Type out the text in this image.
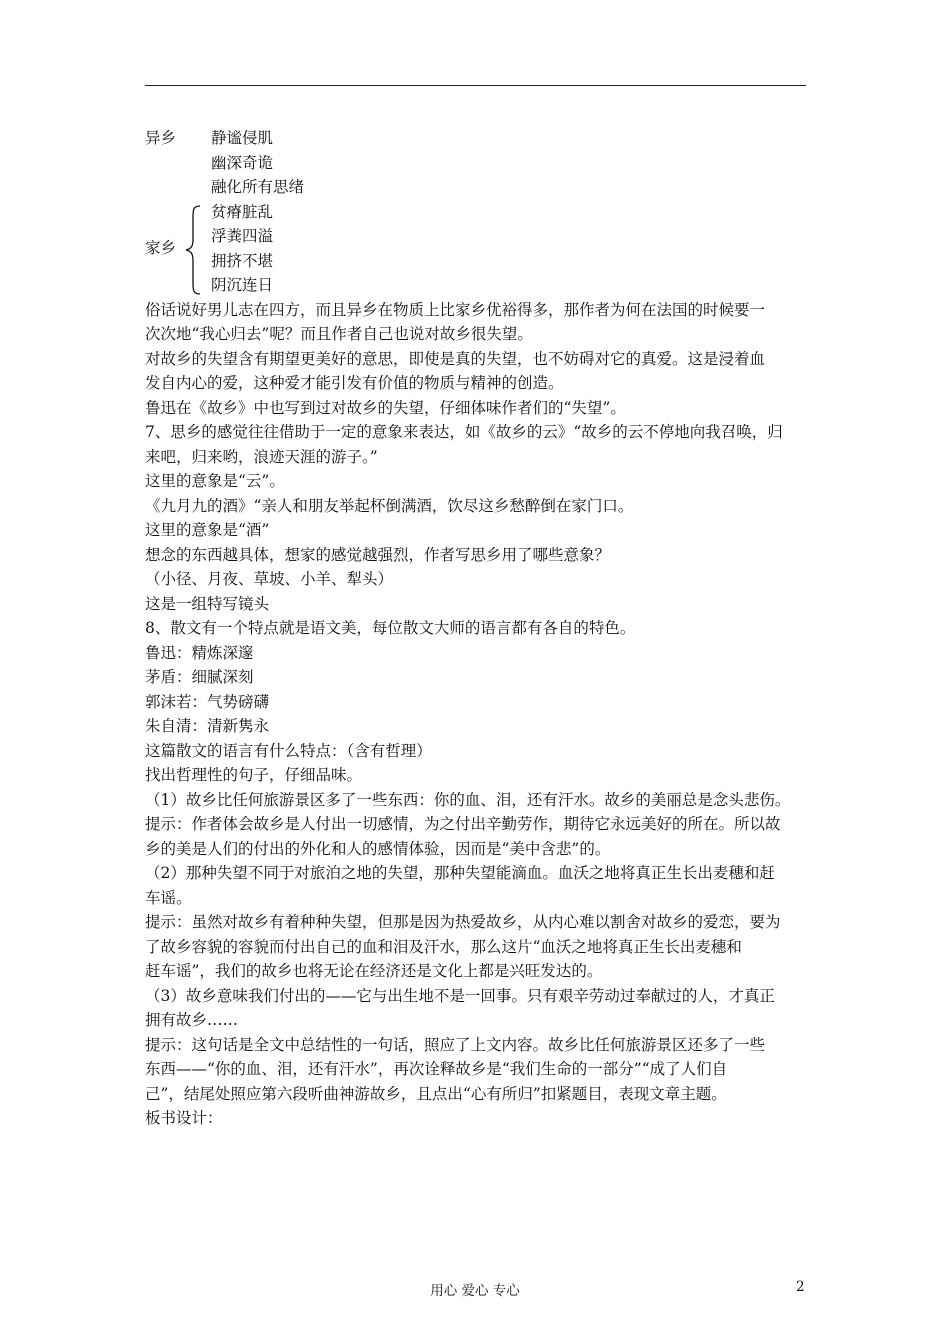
异乡 静谧侵肌
幽深奇诡
融化所有思绪
家乡
贫瘠脏乱
浮粪四溢
拥挤不堪
阴沉连日
俗话说好男儿志在四方，而且异乡在物质上比家乡优裕得多，那作者为何在法国的时候要一
次次地“我心归去”呢？而且作者自己也说对故乡很失望。
对故乡的失望含有期望更美好的意思，即使是真的失望，也不妨碍对它的真爱。这是浸着血
发自内心的爱，这种爱才能引发有价值的物质与精神的创造。
鲁迅在《故乡》中也写到过对故乡的失望，仔细体味作者们的“失望”。
7、思乡的感觉往往借助于一定的意象来表达，如《故乡的云》“故乡的云不停地向我召唤，归
来吧，归来哟，浪迹天涯的游子。”
这里的意象是“云”。
《九月九的酒》“亲人和朋友举起杯倒满酒，饮尽这乡愁醉倒在家门口。
这里的意象是“酒”
想念的东西越具体，想家的感觉越强烈，作者写思乡用了哪些意象？
（小径、月夜、草坡、小羊、犁头）
这是一组特写镜头
8、散文有一个特点就是语文美，每位散文大师的语言都有各自的特色。
鲁迅：精炼深邃
茅盾：细腻深刻
郭沫若：气势磅礴
朱自清：清新隽永
这篇散文的语言有什么特点：（含有哲理）
找出哲理性的句子，仔细品味。
（1）故乡比任何旅游景区多了一些东西：你的血、泪，还有汗水。故乡的美丽总是念头悲伤。
提示：作者体会故乡是人付出一切感情，为之付出辛勤劳作，期待它永远美好的所在。所以故
乡的美是人们的付出的外化和人的感情体验，因而是“美中含悲”的。
（2）那种失望不同于对旅泊之地的失望，那种失望能滴血。血沃之地将真正生长出麦穗和赶
车谣。
提示：虽然对故乡有着种种失望，但那是因为热爱故乡，从内心难以割舍对故乡的爱恋，要为
了故乡容貌的容貌而付出自己的血和泪及汗水，那么这片“血沃之地将真正生长出麦穗和
赶车谣”，我们的故乡也将无论在经济还是文化上都是兴旺发达的。
（3）故乡意味我们付出的——它与出生地不是一回事。只有艰辛劳动过奉献过的人，才真正
拥有故乡……
提示：这句话是全文中总结性的一句话，照应了上文内容。故乡比任何旅游景区还多了一些
东西——“你的血、泪，还有汗水”，再次诠释故乡是“我们生命的一部分”“成了人们自
己”，结尾处照应第六段听曲神游故乡，且点出“心有所归”扣紧题目，表现文章主题。
板书设计：
用心 爱心 专心	2
